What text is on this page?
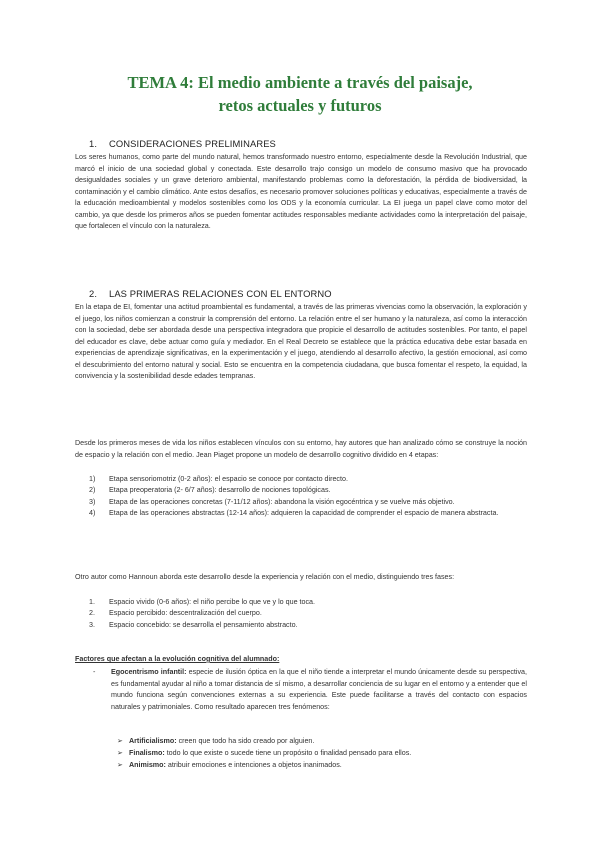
TEMA 4: El medio ambiente a través del paisaje,
retos actuales y futuros
1. CONSIDERACIONES PRELIMINARES

Los seres humanos, como parte del mundo natural, hemos transformado nuestro entorno, especialmente desde la Revolución Industrial, que marcó el inicio de una sociedad global y conectada. Este desarrollo trajo consigo un modelo de consumo masivo que ha provocado desigualdades sociales y un grave deterioro ambiental, manifestando problemas como la deforestación, la pérdida de biodiversidad, la contaminación y el cambio climático. Ante estos desafíos, es necesario promover soluciones políticas y educativas, especialmente a través de la educación medioambiental y modelos sostenibles como los ODS y la economía curricular. La EI juega un papel clave como motor del cambio, ya que desde los primeros años se pueden fomentar actitudes responsables mediante actividades como la interpretación del paisaje, que fortalecen el vínculo con la naturaleza.

2. LAS PRIMERAS RELACIONES CON EL ENTORNO

En la etapa de EI, fomentar una actitud proambiental es fundamental, a través de las primeras vivencias como la observación, la exploración y el juego, los niños comienzan a construir la comprensión del entorno. La relación entre el ser humano y la naturaleza, así como la interacción con la sociedad, debe ser abordada desde una perspectiva integradora que propicie el desarrollo de actitudes sostenibles. Por tanto, el papel del educador es clave, debe actuar como guía y mediador. En el Real Decreto se establece que la práctica educativa debe estar basada en experiencias de aprendizaje significativas, en la experimentación y el juego, atendiendo al desarrollo afectivo, la gestión emocional, así como el descubrimiento del entorno natural y social. Esto se encuentra en la competencia ciudadana, que busca fomentar el respeto, la equidad, la convivencia y la sostenibilidad desde edades tempranas.

Desde los primeros meses de vida los niños establecen vínculos con su entorno, hay autores que han analizado cómo se construye la noción de espacio y la relación con el medio. Jean Piaget propone un modelo de desarrollo cognitivo dividido en 4 etapas:

1) Etapa sensoriomotriz (0-2 años): el espacio se conoce por contacto directo.
2) Etapa preoperatoria (2- 6/7 años): desarrollo de nociones topológicas.
3) Etapa de las operaciones concretas (7-11/12 años): abandona la visión egocéntrica y se vuelve más objetivo.
4) Etapa de las operaciones abstractas (12-14 años): adquieren la capacidad de comprender el espacio de manera abstracta.

Otro autor como Hannoun aborda este desarrollo desde la experiencia y relación con el medio, distinguiendo tres fases:

1. Espacio vivido (0-6 años): el niño percibe lo que ve y lo que toca.
2. Espacio percibido: descentralización del cuerpo.
3. Espacio concebido: se desarrolla el pensamiento abstracto.
Factores que afectan a la evolución cognitiva del alumnado:
- Egocentrismo infantil: especie de ilusión óptica en la que el niño tiende a interpretar el mundo únicamente desde su perspectiva, es fundamental ayudar al niño a tomar distancia de sí mismo, a desarrollar conciencia de su lugar en el entorno y a entender que el mundo funciona según convenciones externas a su experiencia. Este puede facilitarse a través del contacto con espacios naturales y patrimoniales. Como resultado aparecen tres fenómenos:
➢ Artificialismo: creen que todo ha sido creado por alguien.
➢ Finalismo: todo lo que existe o sucede tiene un propósito o finalidad pensado para ellos.
➢ Animismo: atribuir emociones e intenciones a objetos inanimados.
